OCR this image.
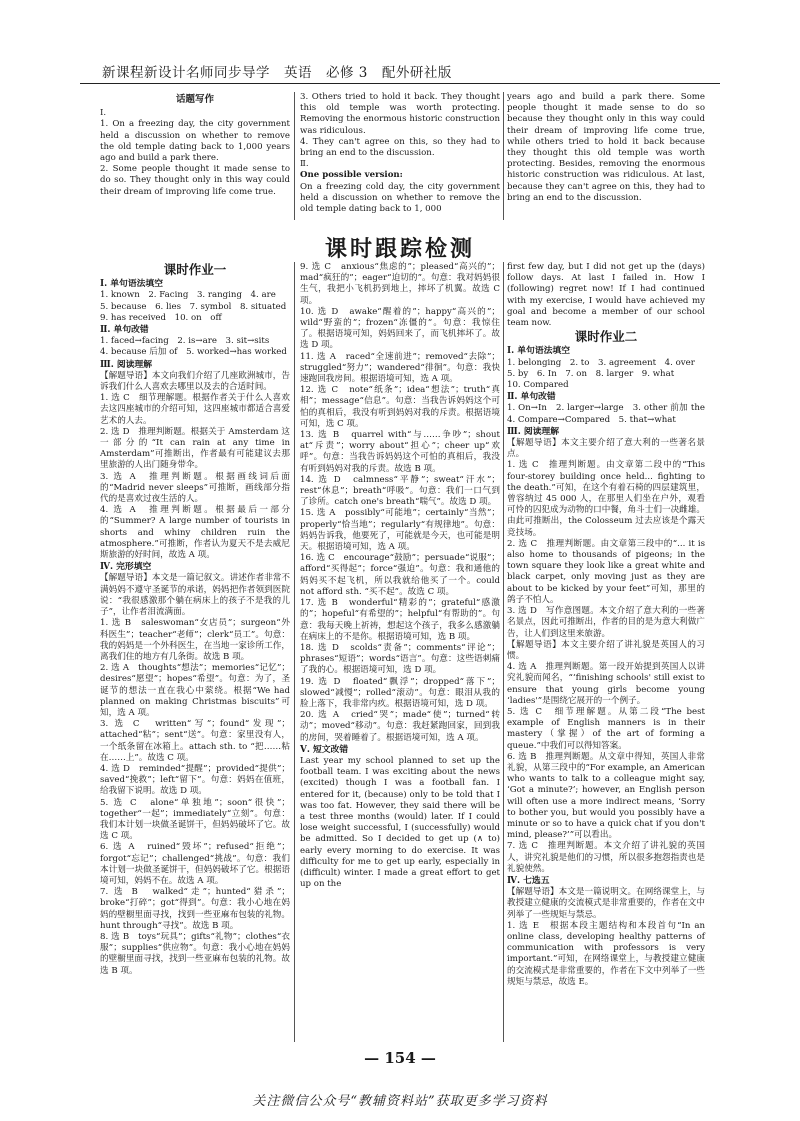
新课程新设计名师同步导学　英语　必修 3　配外研社版
话题写作

Ⅰ.

1. On a freezing day, the city government held a discussion on whether to remove the old temple dating back to 1,000 years ago and build a park there.

2. Some people thought it made sense to do so. They thought only in this way could their dream of improving life come true.

3. Others tried to hold it back. They thought this old temple was worth protecting. Removing the enormous historic construction was ridiculous.

4. They can't agree on this, so they had to bring an end to the discussion.

Ⅱ.

One possible version:

On a freezing cold day, the city government held a discussion on whether to remove the old temple dating back to 1, 000

years ago and build a park there. Some people thought it made sense to do so because they thought only in this way could their dream of improving life come true, while others tried to hold it back because they thought this old temple was worth protecting. Besides, removing the enormous historic construction was ridiculous. At last, because they can't agree on this, they had to bring an end to the discussion.

课时跟踪检测
课时作业一
Ⅰ. 单句语法填空

1. known　2. Facing　3. ranging　4. are

5. because　6. lies　7. symbol　8. situated

9. has received　10. on　off

Ⅱ. 单句改错

1. faced→facing　2. is→are　3. sit→sits

4. because 后加 of　5. worked→has worked

Ⅲ. 阅读理解

【解题导语】本文向我们介绍了几座欧洲城市，告诉我们什么人喜欢去哪里以及去的合适时间。

1. 选 C　细节理解题。根据作者关于什么人喜欢去这四座城市的介绍可知，这四座城市都适合喜爱艺术的人去。

2. 选 D　推理判断题。根据关于 Amsterdam 这一部分的“It can rain at any time in Amsterdam”可推断出，作者最有可能建议去那里旅游的人出门随身带伞。

3. 选 A　推理判断题。根据画线词后面的“Madrid never sleeps”可推断，画线部分指代的是喜欢过夜生活的人。

4. 选 A　推理判断题。根据最后一部分的“Summer? A large number of tourists in shorts and whiny children ruin the atmosphere.”可推断，作者认为夏天不是去威尼斯旅游的好时间，故选 A 项。

Ⅳ. 完形填空

【解题导语】本文是一篇记叙文。讲述作者非常不满妈妈不遵守圣诞节的承诺，妈妈把作者领到医院说：“我很感激那个躺在病床上的孩子不是我的儿子”，让作者泪流满面。

1. 选 B　saleswoman“女店员”；surgeon“外科医生”；teacher“老师”；clerk“员工”。句意：我的妈妈是一个外科医生，在当地一家诊所工作，离我们住的地方有几条街。故选 B 项。

2. 选 A　thoughts“想法”；memories“记忆”；desires“愿望”；hopes“希望”。句意：为了，圣诞节的想法一直在我心中萦绕。根据“We had planned on making Christmas biscuits”可知，选 A 项。

3. 选 C　written“写”；found“发现”；attached“粘”；sent“送”。句意：家里没有人，一个纸条留在冰箱上。attach sth. to “把……粘在……上”。故选 C 项。

4. 选 D　reminded“提醒”；provided“提供”；saved“挽救”；left“留下”。句意：妈妈在值班，给我留下说明。故选 D 项。

5. 选 C　alone“单独地”；soon“很快”；together“一起”；immediately“立刻”。句意：我们本计划一块做圣诞饼干，但妈妈破坏了它。故选 C 项。

6. 选 A　ruined“毁坏”；refused“拒绝”；forgot“忘记”；challenged“挑战”。句意：我们本计划一块做圣诞饼干，但妈妈破坏了它。根据语境可知，妈妈不在。故选 A 项。

7. 选 B　walked“走”；hunted“猎杀”；broke“打碎”；got“得到”。句意：我小心地在妈妈的壁橱里面寻找，找到一些亚麻布包装的礼物。hunt through“寻找”。故选 B 项。

8. 选 B　toys“玩具”；gifts“礼物”；clothes“衣服”；supplies“供应物”。句意：我小心地在妈妈的壁橱里面寻找，找到一些亚麻布包装的礼物。故选 B 项。

9. 选 C　anxious“焦虑的”；pleased“高兴的”；mad“疯狂的”；eager“迫切的”。句意：我对妈妈很生气，我把小飞机扔到地上，摔坏了机翼。故选 C 项。

10. 选 D　awake“醒着的”；happy“高兴的”；wild“野蛮的”；frozen“冻僵的”。句意：我惊住了。根据语境可知，妈妈回来了，而飞机摔坏了。故选 D 项。

11. 选 A　raced“全速前进”；removed“去除”；struggled“努力”；wandered“徘徊”。句意：我快速跑回我房间。根据语境可知，选 A 项。

12. 选 C　note“纸条”；idea“想法”；truth“真相”；message“信息”。句意：当我告诉妈妈这个可怕的真相后，我没有听到妈妈对我的斥责。根据语境可知，选 C 项。

13. 选 B　quarrel with“与……争吵”；shout at“斥责”；worry about“担心”；cheer up“欢呼”。句意：当我告诉妈妈这个可怕的真相后，我没有听到妈妈对我的斥责。故选 B 项。

14. 选 D　calmness“平静”；sweat“汗水”；rest“休息”；breath“呼吸”。句意：我们一口气到了诊所。catch one's breath“喘气”。故选 D 项。

15. 选 A　possibly“可能地”；certainly“当然”；properly“恰当地”；regularly“有规律地”。句意：妈妈告诉我，他要死了，可能就是今天，也可能是明天。根据语境可知，选 A 项。

16. 选 C　encourage“鼓励”；persuade“说服”；afford“买得起”；force“强迫”。句意：我和通他的妈妈买不起飞机，所以我就给他买了一个。could not afford sth. “买不起”。故选 C 项。

17. 选 B　wonderful“精彩的”；grateful“感激的”；hopeful“有希望的”；helpful“有帮助的”。句意：我每天晚上祈祷，想起这个孩子，我多么感激躺在病床上的不是你。根据语境可知，选 B 项。

18. 选 D　scolds“责备”；comments“评论”；phrases“短语”；words“语言”。句意：这些语刺痛了我的心。根据语境可知，选 D 项。

19. 选 D　floated“飘浮”；dropped“落下”；slowed“减慢”；rolled“滚动”。句意：眼泪从我的脸上落下，我非常内疚。根据语境可知，选 D 项。

20. 选 A　cried“哭”；made“使”；turned“转动”；moved“移动”。句意：我赶紧跑回家，回到我的房间，哭着睡着了。根据语境可知，选 A 项。

Ⅴ. 短文改错

Last year my school planned to set up the football team. I was exciting about the news (excited) though I was a football fan. I entered for it, (because) only to be told that I was too fat. However, they said there will be a test three months (would) later. If I could lose weight successful, I (successfully) would be admitted. So I decided to get up (∧ to) early every morning to do exercise. It was difficulty for me to get up early, especially in (difficult) winter. I made a great effort to get up on the

first few day, but I did not get up the (days) follow days. At last I failed in. How I (following) regret now! If I had continued with my exercise, I would have achieved my goal and become a member of our school team now.

课时作业二
Ⅰ. 单句语法填空

1. belonging　2. to　3. agreement　4. over

5. by　6. In　7. on　8. larger　9. what

10. Compared

Ⅱ. 单句改错

1. On→In　2. larger→large　3. other 前加 the　4. Compare→Compared　5. that→what

Ⅲ. 阅读理解

【解题导语】本文主要介绍了意大利的一些著名景点。

1. 选 C　推理判断题。由文章第二段中的“This four-storey building once held... fighting to the death.”可知，在这个有着石椅的四层建筑里，曾容纳过 45 000 人，在那里人们坐在户外，观看可怜的囚犯成为动物的口中餐，角斗士们一决雌雄。由此可推断出，the Colosseum 过去应该是个露天竞技场。

2. 选 C　推理判断题。由文章第三段中的“... it is also home to thousands of pigeons; in the town square they look like a great white and black carpet, only moving just as they are about to be kicked by your feet”可知，那里的鸽子不怕人。

3. 选 D　写作意图题。本文介绍了意大利的一些著名景点，因此可推断出，作者的目的是为意大利做广告，让人们到这里来旅游。

【解题导语】本文主要介绍了讲礼貌是英国人的习惯。

4. 选 A　推理判断题。第一段开始提到英国人以讲究礼貌而闻名，“‘finishing schools' still exist to ensure that young girls become young ‘ladies'”是围绕它展开的一个例子。

5. 选 C　细节理解题。从第二段“The best example of English manners is in their mastery（掌握）of the art of forming a queue.”中我们可以得知答案。

6. 选 B　推理判断题。从文章中得知，英国人非常礼貌，从第三段中的“For example, an American who wants to talk to a colleague might say, ‘Got a minute?’; however, an English person will often use a more indirect means, ‘Sorry to bother you, but would you possibly have a minute or so to have a quick chat if you don't mind, please?’”可以看出。

7. 选 C　推理判断题。本文介绍了讲礼貌的英国人，讲究礼貌是他们的习惯，所以很多抱怨指责也是礼貌使然。

Ⅳ. 七选五

【解题导语】本文是一篇说明文。在网络课堂上，与教授建立健康的交流模式是非常重要的，作者在文中列举了一些规矩与禁忌。

1. 选 E　根据本段主题结构和本段首句“In an online class, developing healthy patterns of communication with professors is very important.”可知，在网络课堂上，与教授建立健康的交流模式是非常重要的，作者在下文中列举了一些规矩与禁忌，故选 E。

— 154 —
关注微信公众号“教辅资料站”获取更多学习资料
